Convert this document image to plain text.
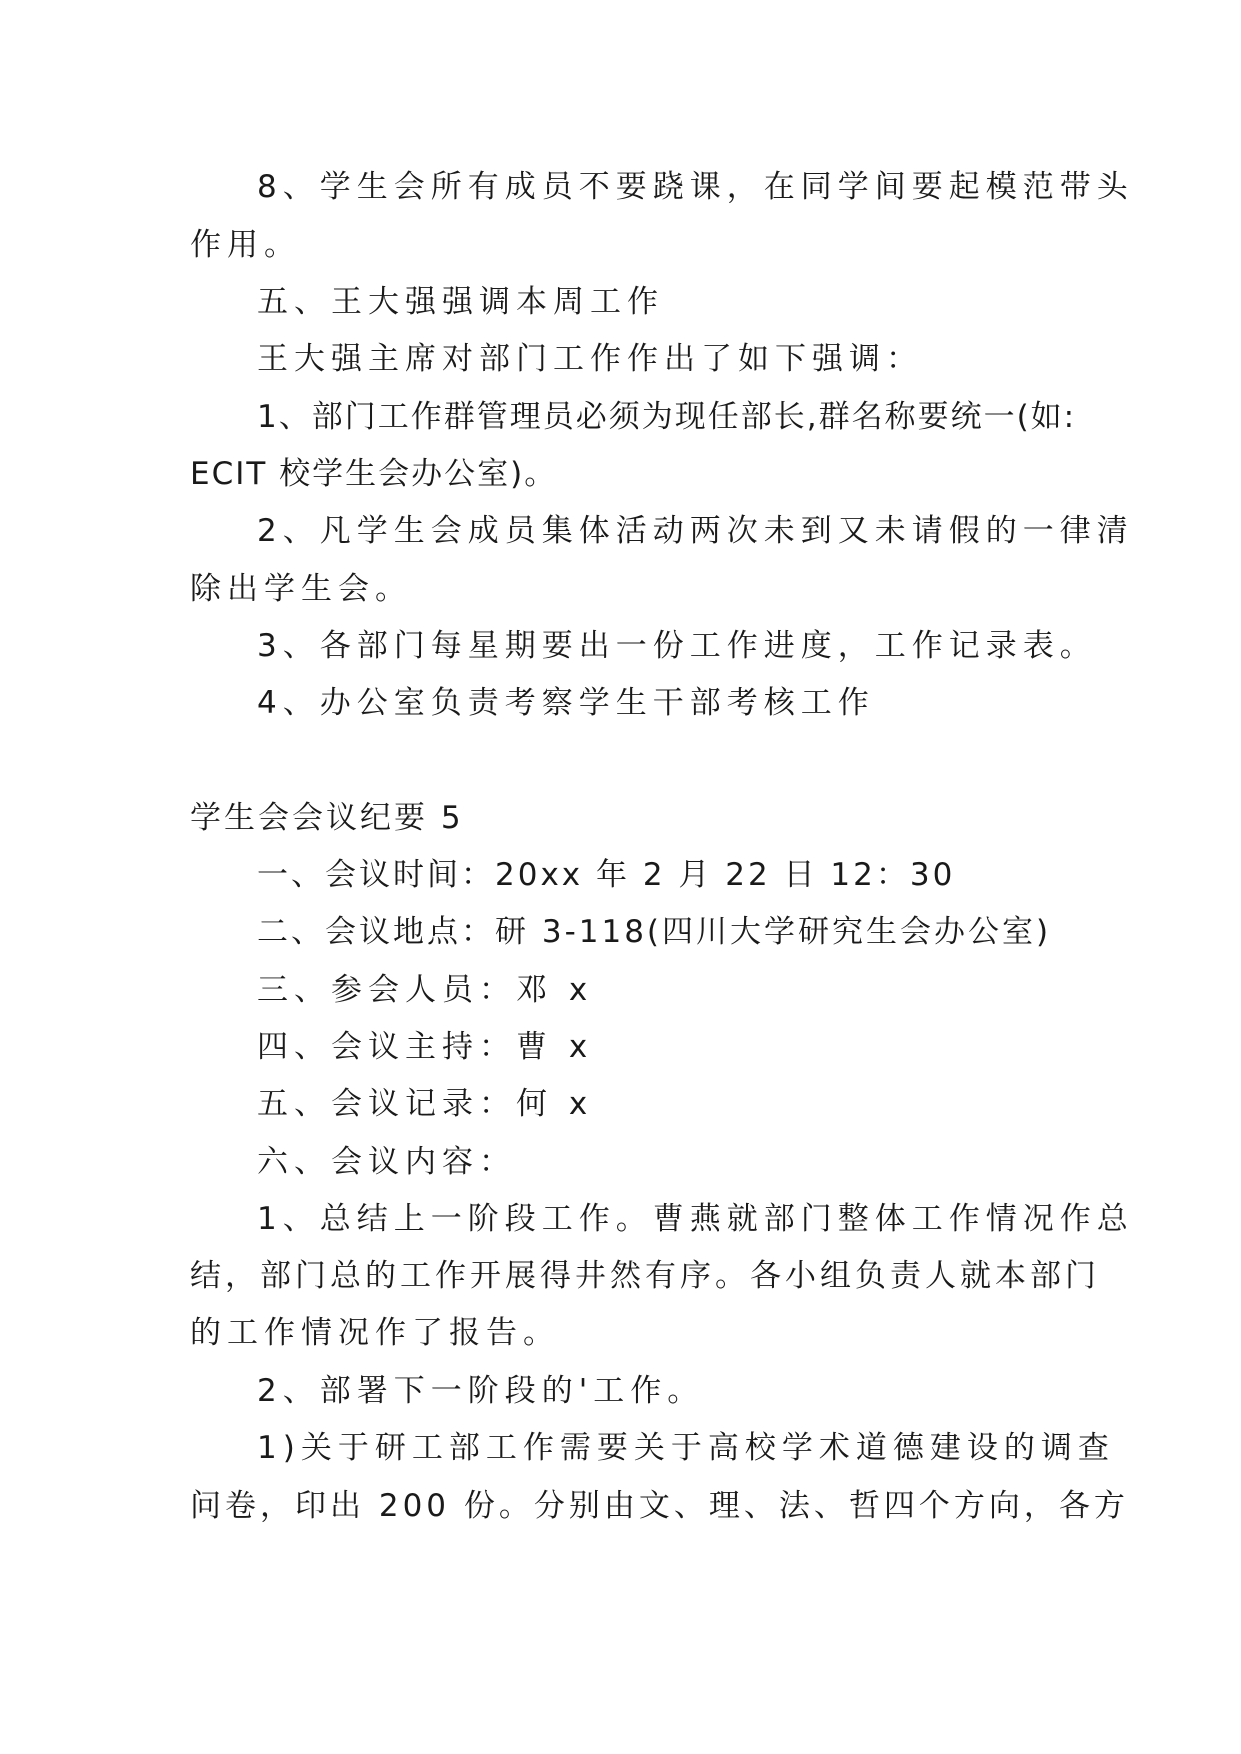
8、学生会所有成员不要跷课，在同学间要起模范带头
作用。
五、王大强强调本周工作
王大强主席对部门工作作出了如下强调：
1、部门工作群管理员必须为现任部长,群名称要统一(如:
ECIT 校学生会办公室)。
2、凡学生会成员集体活动两次未到又未请假的一律清
除出学生会。
3、各部门每星期要出一份工作进度，工作记录表。
4、办公室负责考察学生干部考核工作
学生会会议纪要 5
一、会议时间：20xx 年 2 月 22 日 12：30
二、会议地点：研 3-118(四川大学研究生会办公室)
三、参会人员：邓 x
四、会议主持：曹 x
五、会议记录：何 x
六、会议内容：
1、总结上一阶段工作。曹燕就部门整体工作情况作总
结，部门总的工作开展得井然有序。各小组负责人就本部门
的工作情况作了报告。
2、部署下一阶段的'工作。
1)关于研工部工作需要关于高校学术道德建设的调查
问卷，印出 200 份。分别由文、理、法、哲四个方向，各方
